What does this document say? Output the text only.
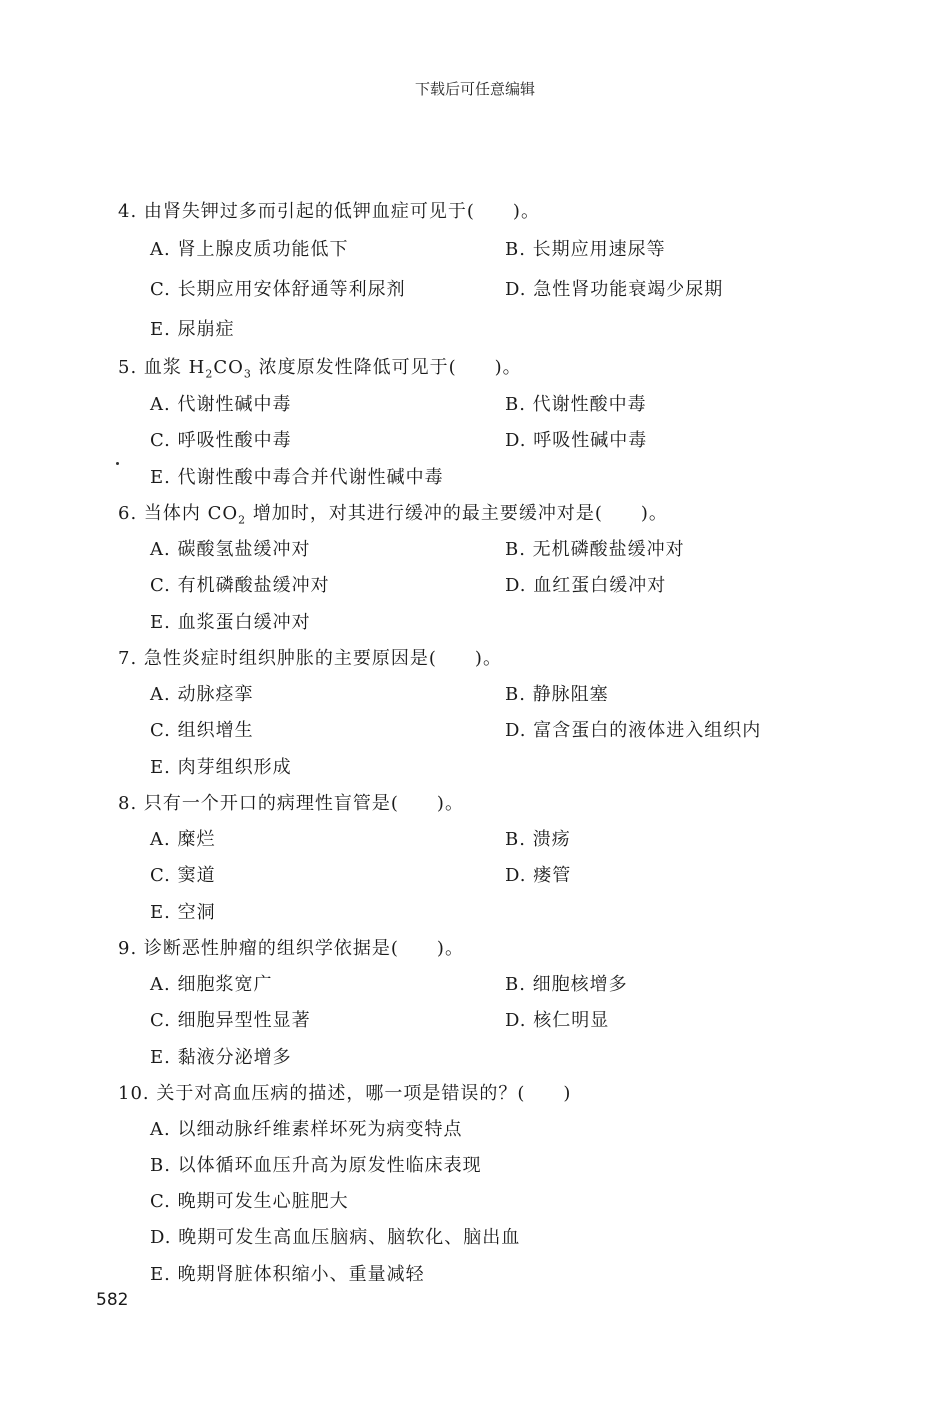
下载后可任意编辑
4. 由肾失钾过多而引起的低钾血症可见于(　　)。
A. 肾上腺皮质功能低下	B. 长期应用速尿等
C. 长期应用安体舒通等利尿剂	D. 急性肾功能衰竭少尿期
E. 尿崩症
5. 血浆 $H_2CO_3$ 浓度原发性降低可见于(　　)。
A. 代谢性碱中毒	B. 代谢性酸中毒
C. 呼吸性酸中毒	D. 呼吸性碱中毒
E. 代谢性酸中毒合并代谢性碱中毒
6. 当体内 $CO_2$ 增加时，对其进行缓冲的最主要缓冲对是(　　)。
A. 碳酸氢盐缓冲对	B. 无机磷酸盐缓冲对
C. 有机磷酸盐缓冲对	D. 血红蛋白缓冲对
E. 血浆蛋白缓冲对
7. 急性炎症时组织肿胀的主要原因是(　　)。
A. 动脉痉挛	B. 静脉阻塞
C. 组织增生	D. 富含蛋白的液体进入组织内
E. 肉芽组织形成
8. 只有一个开口的病理性盲管是(　　)。
A. 糜烂	B. 溃疡
C. 窦道	D. 瘘管
E. 空洞
9. 诊断恶性肿瘤的组织学依据是(　　)。
A. 细胞浆宽广	B. 细胞核增多
C. 细胞异型性显著	D. 核仁明显
E. 黏液分泌增多
10. 关于对高血压病的描述，哪一项是错误的？(　　)
A. 以细动脉纤维素样坏死为病变特点
B. 以体循环血压升高为原发性临床表现
C. 晚期可发生心脏肥大
D. 晚期可发生高血压脑病、脑软化、脑出血
E. 晚期肾脏体积缩小、重量减轻
582
